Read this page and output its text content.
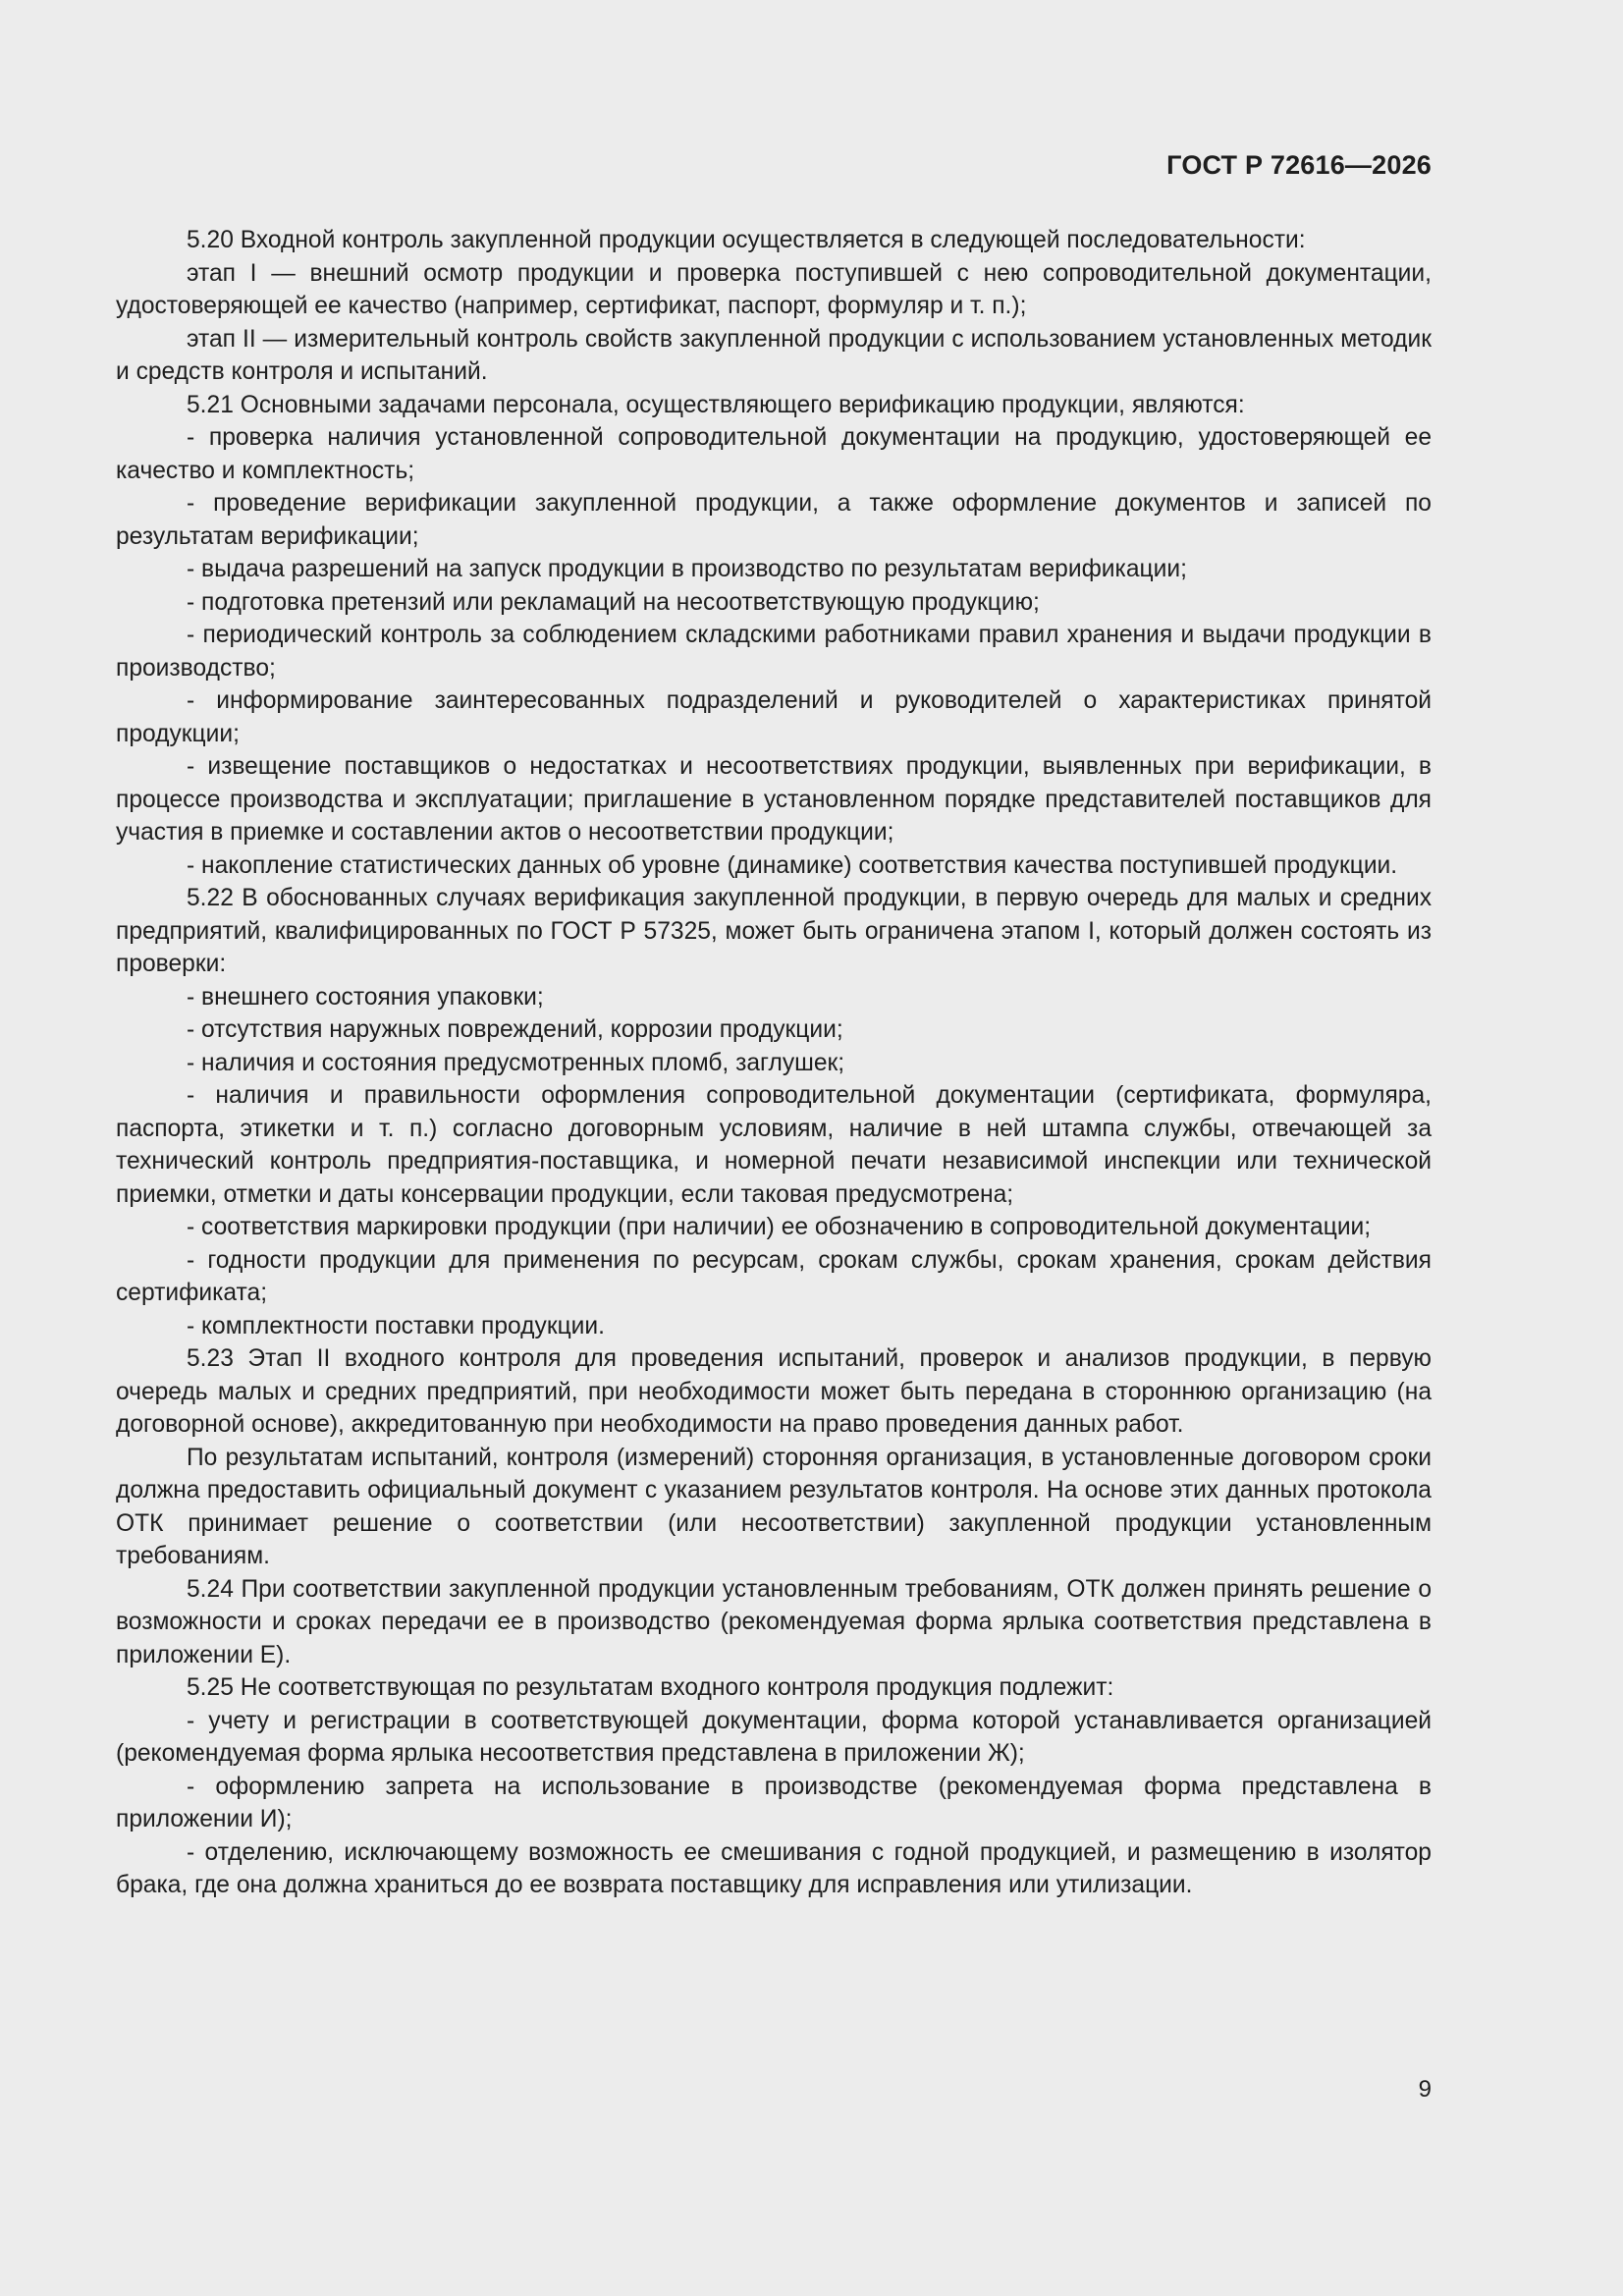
ГОСТ Р 72616—2026

5.20 Входной контроль закупленной продукции осуществляется в следующей последовательности:

этап I — внешний осмотр продукции и проверка поступившей с нею сопроводительной документации, удостоверяющей ее качество (например, сертификат, паспорт, формуляр и т. п.);

этап II — измерительный контроль свойств закупленной продукции с использованием установленных методик и средств контроля и испытаний.

5.21 Основными задачами персонала, осуществляющего верификацию продукции, являются:

- проверка наличия установленной сопроводительной документации на продукцию, удостоверяющей ее качество и комплектность;

- проведение верификации закупленной продукции, а также оформление документов и записей по результатам верификации;

- выдача разрешений на запуск продукции в производство по результатам верификации;

- подготовка претензий или рекламаций на несоответствующую продукцию;

- периодический контроль за соблюдением складскими работниками правил хранения и выдачи продукции в производство;

- информирование заинтересованных подразделений и руководителей о характеристиках принятой продукции;

- извещение поставщиков о недостатках и несоответствиях продукции, выявленных при верификации, в процессе производства и эксплуатации; приглашение в установленном порядке представителей поставщиков для участия в приемке и составлении актов о несоответствии продукции;

- накопление статистических данных об уровне (динамике) соответствия качества поступившей продукции.

5.22 В обоснованных случаях верификация закупленной продукции, в первую очередь для малых и средних предприятий, квалифицированных по ГОСТ Р 57325, может быть ограничена этапом I, который должен состоять из проверки:

- внешнего состояния упаковки;

- отсутствия наружных повреждений, коррозии продукции;

- наличия и состояния предусмотренных пломб, заглушек;

- наличия и правильности оформления сопроводительной документации (сертификата, формуляра, паспорта, этикетки и т. п.) согласно договорным условиям, наличие в ней штампа службы, отвечающей за технический контроль предприятия-поставщика, и номерной печати независимой инспекции или технической приемки, отметки и даты консервации продукции, если таковая предусмотрена;

- соответствия маркировки продукции (при наличии) ее обозначению в сопроводительной документации;

- годности продукции для применения по ресурсам, срокам службы, срокам хранения, срокам действия сертификата;

- комплектности поставки продукции.

5.23 Этап II входного контроля для проведения испытаний, проверок и анализов продукции, в первую очередь малых и средних предприятий, при необходимости может быть передана в стороннюю организацию (на договорной основе), аккредитованную при необходимости на право проведения данных работ.

По результатам испытаний, контроля (измерений) сторонняя организация, в установленные договором сроки должна предоставить официальный документ с указанием результатов контроля. На основе этих данных протокола ОТК принимает решение о соответствии (или несоответствии) закупленной продукции установленным требованиям.

5.24 При соответствии закупленной продукции установленным требованиям, ОТК должен принять решение о возможности и сроках передачи ее в производство (рекомендуемая форма ярлыка соответствия представлена в приложении Е).

5.25 Не соответствующая по результатам входного контроля продукция подлежит:

- учету и регистрации в соответствующей документации, форма которой устанавливается организацией (рекомендуемая форма ярлыка несоответствия представлена в приложении Ж);

- оформлению запрета на использование в производстве (рекомендуемая форма представлена в приложении И);

- отделению, исключающему возможность ее смешивания с годной продукцией, и размещению в изолятор брака, где она должна храниться до ее возврата поставщику для исправления или утилизации.

9
